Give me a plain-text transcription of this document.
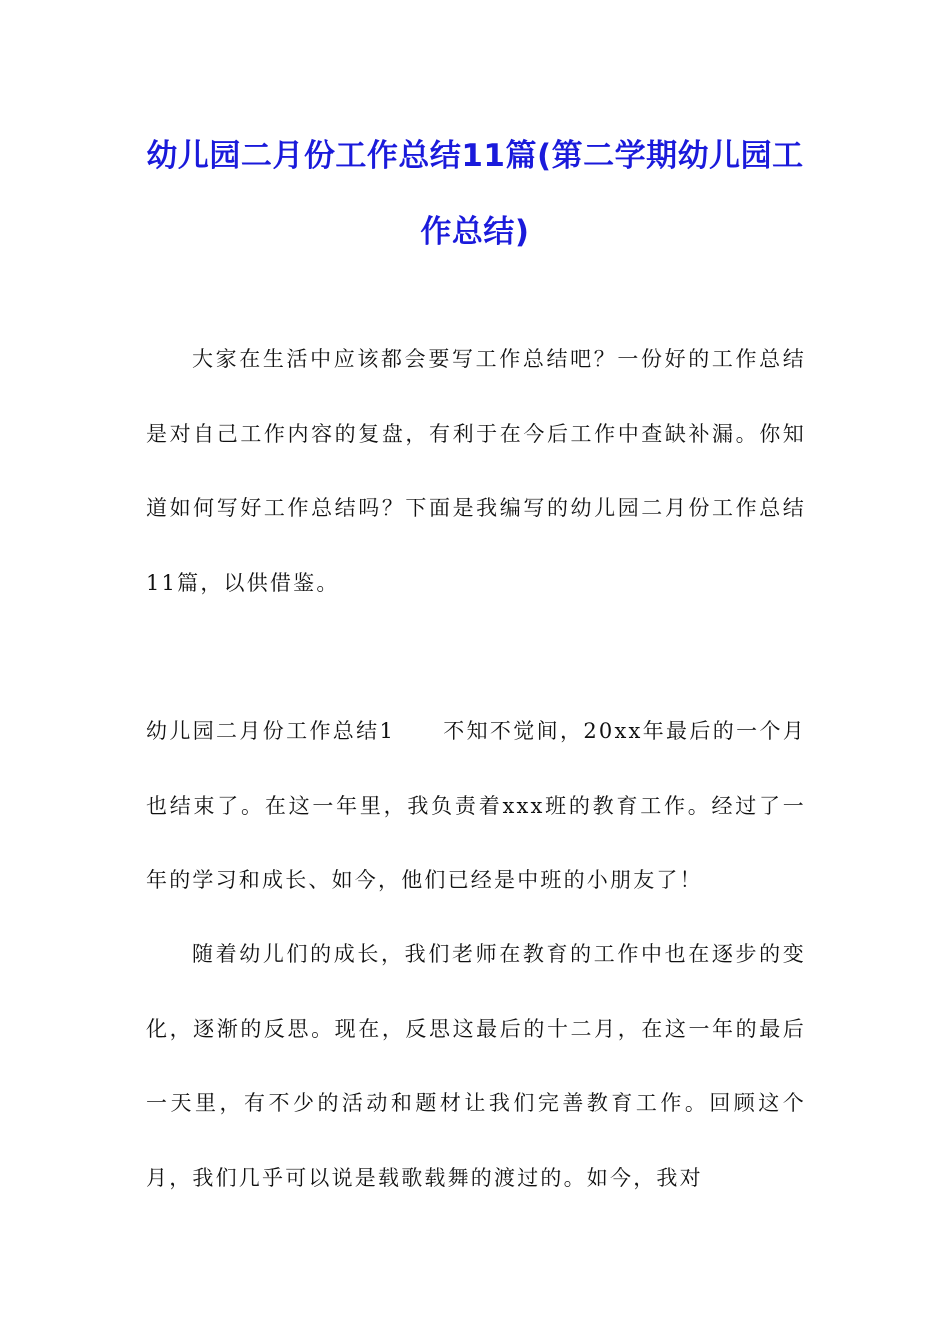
幼儿园二月份工作总结11篇(第二学期幼儿园工作总结)

大家在生活中应该都会要写工作总结吧？一份好的工作总结是对自己工作内容的复盘，有利于在今后工作中查缺补漏。你知道如何写好工作总结吗？下面是我编写的幼儿园二月份工作总结11篇，以供借鉴。

幼儿园二月份工作总结1 不知不觉间，20xx年最后的一个月也结束了。在这一年里，我负责着xxx班的教育工作。经过了一年的学习和成长、如今，他们已经是中班的小朋友了！

随着幼儿们的成长，我们老师在教育的工作中也在逐步的变化，逐渐的反思。现在，反思这最后的十二月，在这一年的最后一天里，有不少的活动和题材让我们完善教育工作。回顾这个月，我们几乎可以说是载歌载舞的渡过的。如今，我对
